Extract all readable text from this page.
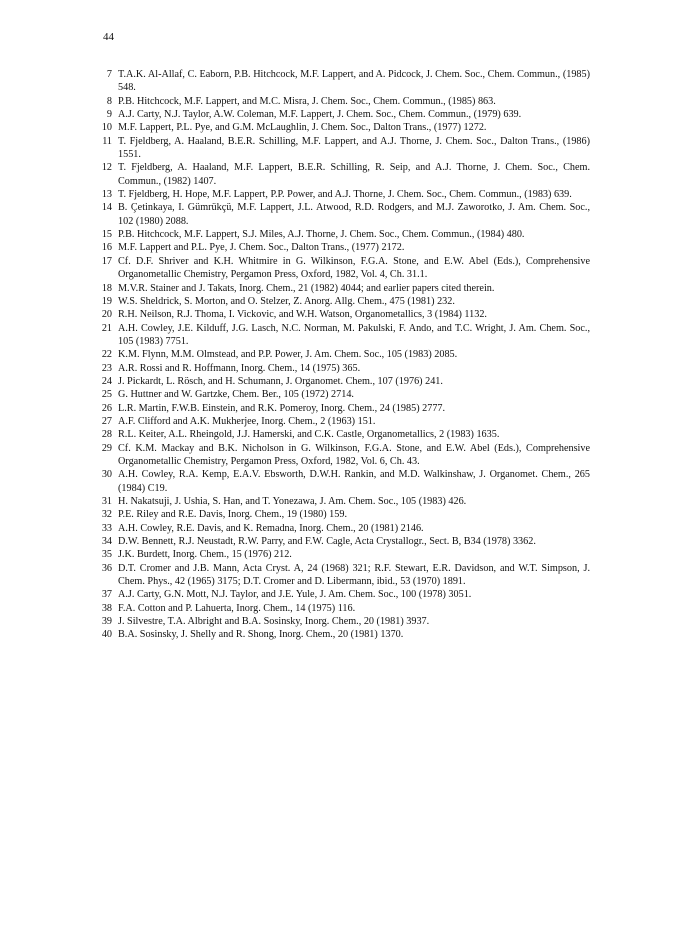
44
7 T.A.K. Al-Allaf, C. Eaborn, P.B. Hitchcock, M.F. Lappert, and A. Pidcock, J. Chem. Soc., Chem. Commun., (1985) 548.
8 P.B. Hitchcock, M.F. Lappert, and M.C. Misra, J. Chem. Soc., Chem. Commun., (1985) 863.
9 A.J. Carty, N.J. Taylor, A.W. Coleman, M.F. Lappert, J. Chem. Soc., Chem. Commun., (1979) 639.
10 M.F. Lappert, P.L. Pye, and G.M. McLaughlin, J. Chem. Soc., Dalton Trans., (1977) 1272.
11 T. Fjeldberg, A. Haaland, B.E.R. Schilling, M.F. Lappert, and A.J. Thorne, J. Chem. Soc., Dalton Trans., (1986) 1551.
12 T. Fjeldberg, A. Haaland, M.F. Lappert, B.E.R. Schilling, R. Seip, and A.J. Thorne, J. Chem. Soc., Chem. Commun., (1982) 1407.
13 T. Fjeldberg, H. Hope, M.F. Lappert, P.P. Power, and A.J. Thorne, J. Chem. Soc., Chem. Commun., (1983) 639.
14 B. Çetinkaya, I. Gümrükçü, M.F. Lappert, J.L. Atwood, R.D. Rodgers, and M.J. Zaworotko, J. Am. Chem. Soc., 102 (1980) 2088.
15 P.B. Hitchcock, M.F. Lappert, S.J. Miles, A.J. Thorne, J. Chem. Soc., Chem. Commun., (1984) 480.
16 M.F. Lappert and P.L. Pye, J. Chem. Soc., Dalton Trans., (1977) 2172.
17 Cf. D.F. Shriver and K.H. Whitmire in G. Wilkinson, F.G.A. Stone, and E.W. Abel (Eds.), Comprehensive Organometallic Chemistry, Pergamon Press, Oxford, 1982, Vol. 4, Ch. 31.1.
18 M.V.R. Stainer and J. Takats, Inorg. Chem., 21 (1982) 4044; and earlier papers cited therein.
19 W.S. Sheldrick, S. Morton, and O. Stelzer, Z. Anorg. Allg. Chem., 475 (1981) 232.
20 R.H. Neilson, R.J. Thoma, I. Vickovic, and W.H. Watson, Organometallics, 3 (1984) 1132.
21 A.H. Cowley, J.E. Kilduff, J.G. Lasch, N.C. Norman, M. Pakulski, F. Ando, and T.C. Wright, J. Am. Chem. Soc., 105 (1983) 7751.
22 K.M. Flynn, M.M. Olmstead, and P.P. Power, J. Am. Chem. Soc., 105 (1983) 2085.
23 A.R. Rossi and R. Hoffmann, Inorg. Chem., 14 (1975) 365.
24 J. Pickardt, L. Rösch, and H. Schumann, J. Organomet. Chem., 107 (1976) 241.
25 G. Huttner and W. Gartzke, Chem. Ber., 105 (1972) 2714.
26 L.R. Martin, F.W.B. Einstein, and R.K. Pomeroy, Inorg. Chem., 24 (1985) 2777.
27 A.F. Clifford and A.K. Mukherjee, Inorg. Chem., 2 (1963) 151.
28 R.L. Keiter, A.L. Rheingold, J.J. Hamerski, and C.K. Castle, Organometallics, 2 (1983) 1635.
29 Cf. K.M. Mackay and B.K. Nicholson in G. Wilkinson, F.G.A. Stone, and E.W. Abel (Eds.), Comprehensive Organometallic Chemistry, Pergamon Press, Oxford, 1982, Vol. 6, Ch. 43.
30 A.H. Cowley, R.A. Kemp, E.A.V. Ebsworth, D.W.H. Rankin, and M.D. Walkinshaw, J. Organomet. Chem., 265 (1984) C19.
31 H. Nakatsuji, J. Ushia, S. Han, and T. Yonezawa, J. Am. Chem. Soc., 105 (1983) 426.
32 P.E. Riley and R.E. Davis, Inorg. Chem., 19 (1980) 159.
33 A.H. Cowley, R.E. Davis, and K. Remadna, Inorg. Chem., 20 (1981) 2146.
34 D.W. Bennett, R.J. Neustadt, R.W. Parry, and F.W. Cagle, Acta Crystallogr., Sect. B, B34 (1978) 3362.
35 J.K. Burdett, Inorg. Chem., 15 (1976) 212.
36 D.T. Cromer and J.B. Mann, Acta Cryst. A, 24 (1968) 321; R.F. Stewart, E.R. Davidson, and W.T. Simpson, J. Chem. Phys., 42 (1965) 3175; D.T. Cromer and D. Libermann, ibid., 53 (1970) 1891.
37 A.J. Carty, G.N. Mott, N.J. Taylor, and J.E. Yule, J. Am. Chem. Soc., 100 (1978) 3051.
38 F.A. Cotton and P. Lahuerta, Inorg. Chem., 14 (1975) 116.
39 J. Silvestre, T.A. Albright and B.A. Sosinsky, Inorg. Chem., 20 (1981) 3937.
40 B.A. Sosinsky, J. Shelly and R. Shong, Inorg. Chem., 20 (1981) 1370.
